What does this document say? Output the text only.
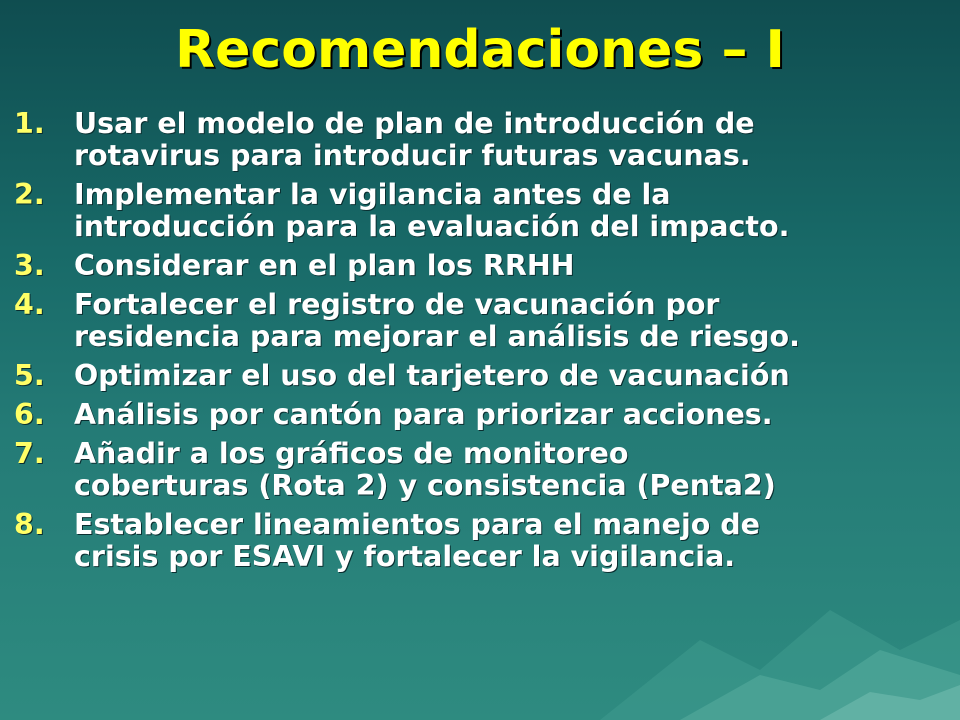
Recomendaciones – I
1.	Usar el modelo de plan de introducción de
rotavirus para introducir futuras vacunas.
2.	Implementar la vigilancia antes de la
introducción para la evaluación del impacto.
3.	Considerar en el plan los RRHH
4.	Fortalecer el registro de vacunación por
residencia para mejorar el análisis de riesgo.
5.	Optimizar el uso del tarjetero de vacunación
6.	Análisis por cantón para priorizar acciones.
7.	Añadir a los gráficos de monitoreo
coberturas (Rota 2) y consistencia (Penta2)
8.	Establecer lineamientos para el manejo de
crisis por ESAVI y fortalecer la vigilancia.
